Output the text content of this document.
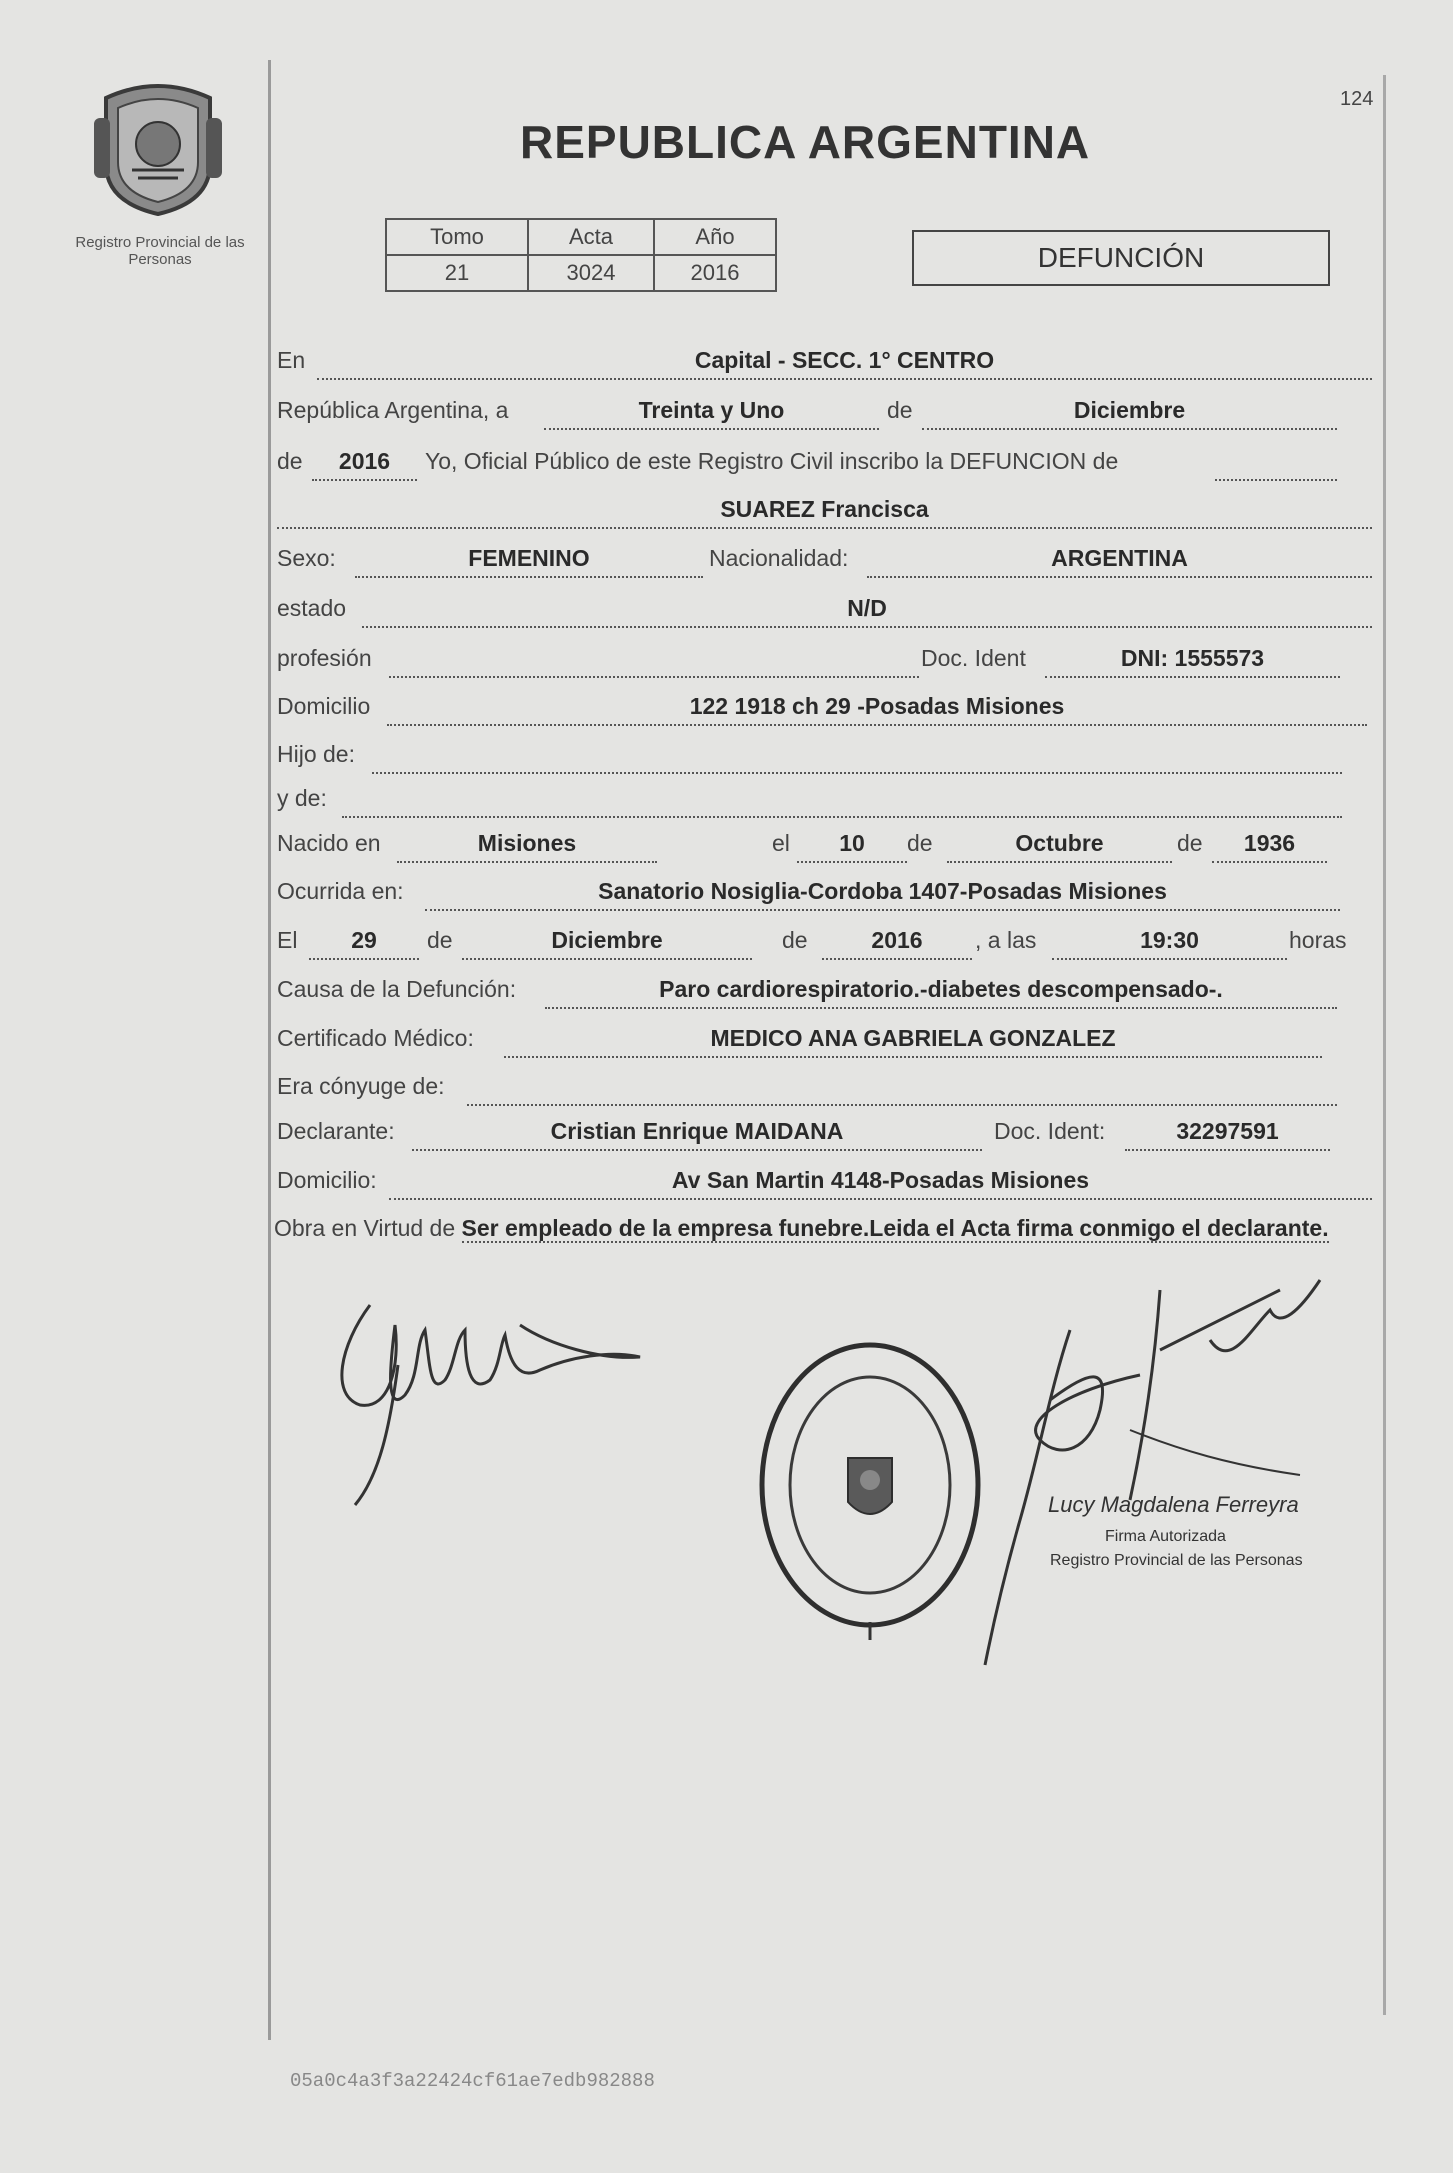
Registro Provincial de las Personas
124
REPUBLICA ARGENTINA
Tomo	Acta	Año
21	3024	2016	DEFUNCIÓN
En	Capital - SECC. 1° CENTRO
República Argentina, a	Treinta y Uno	de	Diciembre
de	2016	Yo, Oficial Público de este Registro Civil inscribo la DEFUNCION de
SUAREZ Francisca
Sexo:	FEMENINO	Nacionalidad:	ARGENTINA
estado	N/D
profesión	Doc. Ident	DNI: 1555573
Domicilio	122 1918 ch 29 -Posadas Misiones
Hijo de:
y de:
Nacido en	Misiones	el	10	de	Octubre	de	1936
Ocurrida en:	Sanatorio Nosiglia-Cordoba 1407-Posadas Misiones
El	29	de	Diciembre	de	2016	, a las	19:30	horas
Causa de la Defunción:	Paro cardiorespiratorio.-diabetes descompensado-.
Certificado Médico:	MEDICO ANA GABRIELA GONZALEZ
Era cónyuge de:
Declarante:	Cristian Enrique MAIDANA	Doc. Ident:	32297591
Domicilio:	Av San Martin 4148-Posadas Misiones
Obra en Virtud de Ser empleado de la empresa funebre.Leida el Acta firma conmigo el declarante.
Lucy Magdalena Ferreyra
Firma Autorizada
Registro Provincial de las Personas
05a0c4a3f3a22424cf61ae7edb982888
